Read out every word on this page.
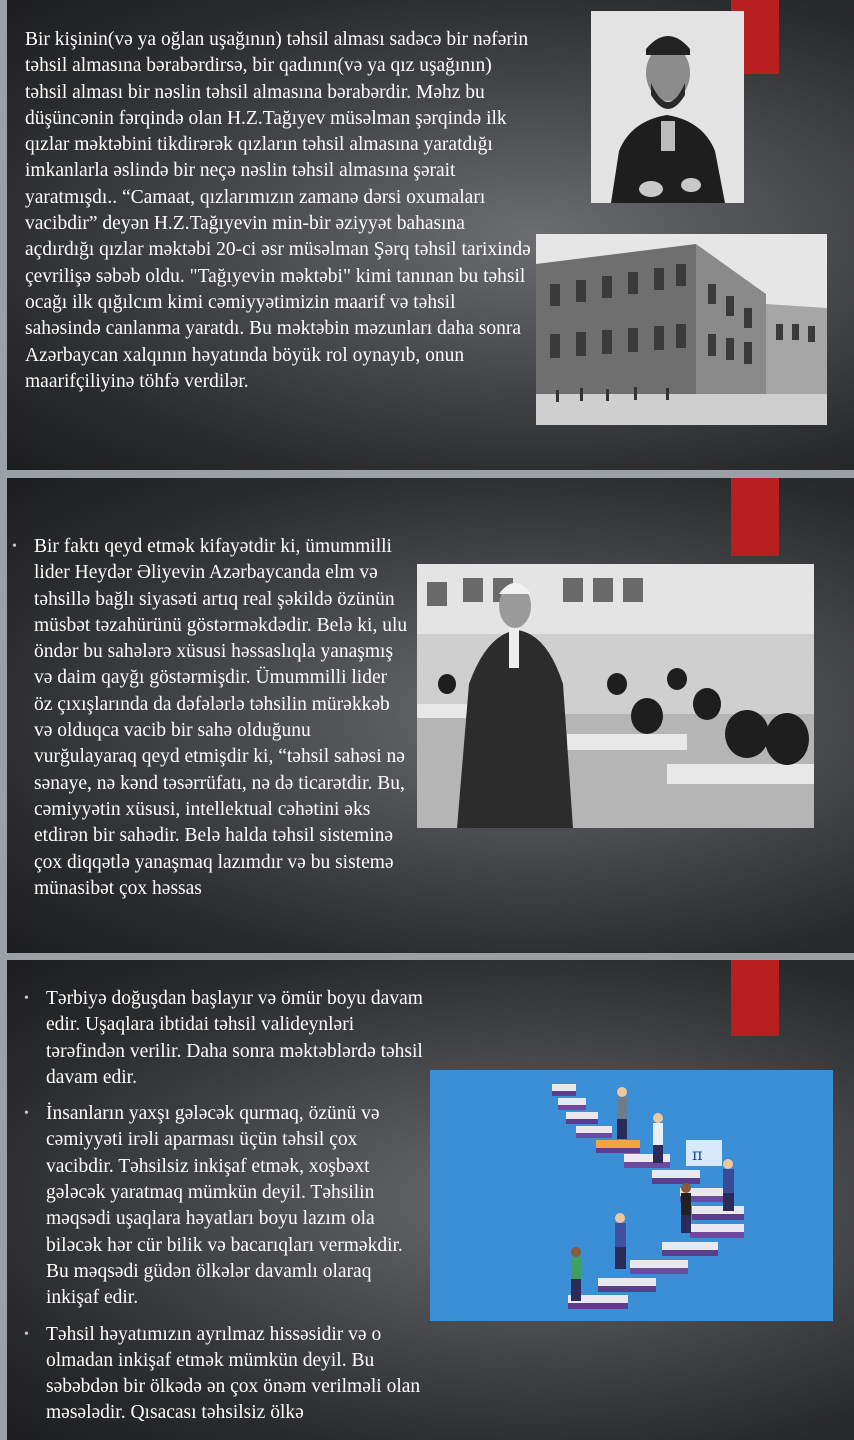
Bir kişinin(və ya oğlan uşağının) təhsil alması sadəcə bir nəfərin təhsil almasına bərabərdirsə, bir qadının(və ya qız uşağının) təhsil alması bir nəslin təhsil almasına bərabərdir. Məhz bu düşüncənin fərqində olan H.Z.Tağıyev müsəlman şərqində ilk qızlar məktəbini tikdirərək qızların təhsil almasına yaratdığı imkanlarla əslində bir neçə nəslin təhsil almasına şərait yaratmışdı.. “Camaat, qızlarımızın zamanə dərsi oxumaları vacibdir” deyən H.Z.Tağıyevin min-bir əziyyət bahasına açdırdığı qızlar məktəbi 20-ci əsr müsəlman Şərq təhsil tarixində çevrilişə səbəb oldu. "Tağıyevin məktəbi" kimi tanınan bu təhsil ocağı ilk qığılcım kimi cəmiyyətimizin maarif və təhsil sahəsində canlanma yaratdı. Bu məktəbin məzunları daha sonra Azərbaycan xalqının həyatında böyük rol oynayıb, onun maarifçiliyinə töhfə verdilər.

• Bir faktı qeyd etmək kifayətdir ki, ümummilli lider Heydər Əliyevin Azərbaycanda elm və təhsillə bağlı siyasəti artıq real şəkildə özünün müsbət təzahürünü göstərməkdədir. Belə ki, ulu öndər bu sahələrə xüsusi həssaslıqla yanaşmış və daim qayğı göstərmişdir. Ümummilli lider öz çıxışlarında da dəfələrlə təhsilin mürəkkəb və olduqca vacib bir sahə olduğunu vurğulayaraq qeyd etmişdir ki, “təhsil sahəsi nə sənaye, nə kənd təsərrüfatı, nə də ticarətdir. Bu, cəmiyyətin xüsusi, intellektual cəhətini əks etdirən bir sahədir. Belə halda təhsil sisteminə çox diqqətlə yanaşmaq lazımdır və bu sistemə münasibət çox həssas
• Tərbiyə doğuşdan başlayır və ömür boyu davam edir. Uşaqlara ibtidai təhsil valideynləri tərəfindən verilir. Daha sonra məktəblərdə təhsil davam edir.
• İnsanların yaxşı gələcək qurmaq, özünü və cəmiyyəti irəli aparması üçün təhsil çox vacibdir. Təhsilsiz inkişaf etmək, xoşbəxt gələcək yaratmaq mümkün deyil. Təhsilin məqsədi uşaqlara həyatları boyu lazım ola biləcək hər cür bilik və bacarıqları verməkdir. Bu məqsədi güdən ölkələr davamlı olaraq inkişaf edir.
• Təhsil həyatımızın ayrılmaz hissəsidir və o olmadan inkişaf etmək mümkün deyil. Bu səbəbdən bir ölkədə ən çox önəm verilməli olan məsələdir. Qısacası təhsilsiz ölkə
π
